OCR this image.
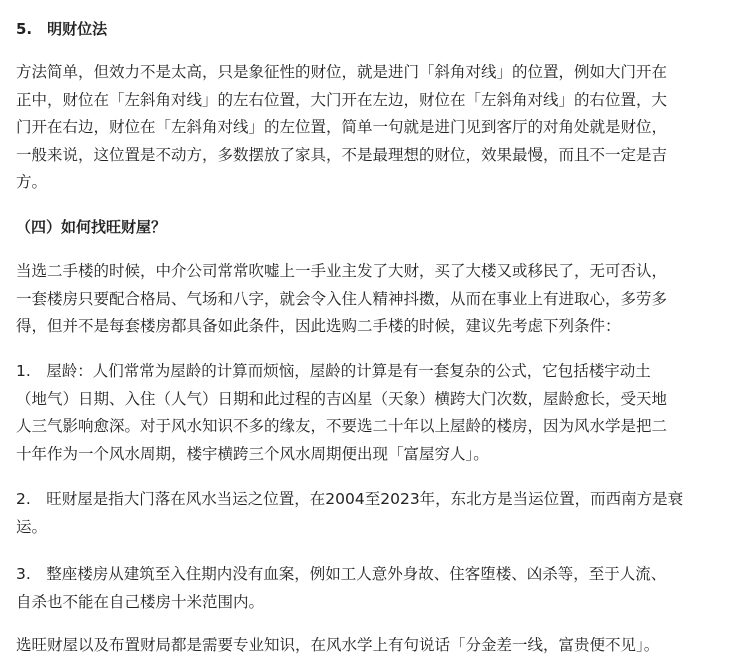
5.　明财位法
方法简单，但效力不是太高，只是象征性的财位，就是进门「斜角对线」的位置，例如大门开在
正中，财位在「左斜角对线」的左右位置，大门开在左边，财位在「左斜角对线」的右位置，大
门开在右边，财位在「左斜角对线」的左位置，简单一句就是进门见到客厅的对角处就是财位，
一般来说，这位置是不动方，多数摆放了家具，不是最理想的财位，效果最慢，而且不一定是吉
方。
（四）如何找旺财屋？
当选二手楼的时候，中介公司常常吹嘘上一手业主发了大财，买了大楼又或移民了，无可否认，
一套楼房只要配合格局、气场和八字，就会令入住人精神抖擞，从而在事业上有进取心，多劳多
得，但并不是每套楼房都具备如此条件，因此选购二手楼的时候，建议先考虑下列条件：
1.　屋龄：人们常常为屋龄的计算而烦恼，屋龄的计算是有一套复杂的公式，它包括楼宇动土
（地气）日期、入住（人气）日期和此过程的吉凶星（天象）横跨大门次数，屋龄愈长，受天地
人三气影响愈深。对于风水知识不多的缘友，不要选二十年以上屋龄的楼房，因为风水学是把二
十年作为一个风水周期，楼宇横跨三个风水周期便出现「富屋穷人」。
2.　旺财屋是指大门落在风水当运之位置，在2004至2023年，东北方是当运位置，而西南方是衰
运。
3.　整座楼房从建筑至入住期内没有血案，例如工人意外身故、住客堕楼、凶杀等，至于人流、
自杀也不能在自己楼房十米范围内。
选旺财屋以及布置财局都是需要专业知识，在风水学上有句说话「分金差一线，富贵便不见」。
